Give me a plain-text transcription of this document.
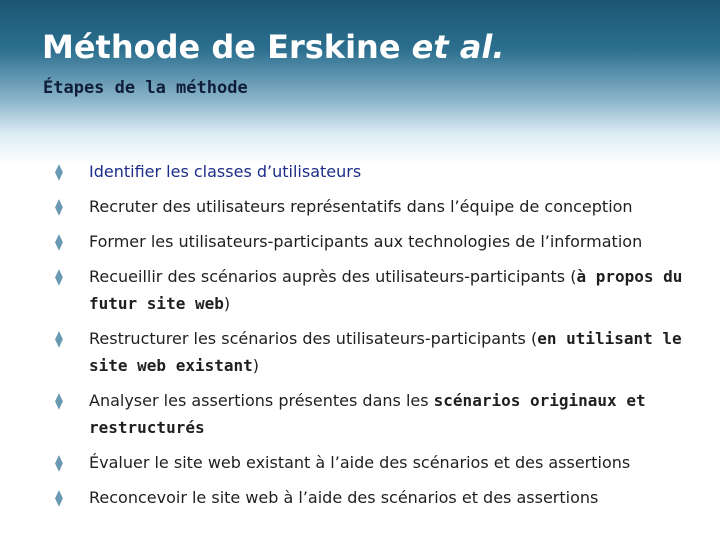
Méthode de Erskine et al.
Étapes de la méthode
⧫	Identifier les classes d’utilisateurs
⧫	Recruter des utilisateurs représentatifs dans l’équipe de conception
⧫	Former les utilisateurs-participants aux technologies de l’information
⧫	Recueillir des scénarios auprès des utilisateurs-participants (à propos du futur site web)
⧫	Restructurer les scénarios des utilisateurs-participants (en utilisant le site web existant)
⧫	Analyser les assertions présentes dans les scénarios originaux et restructurés
⧫	Évaluer le site web existant à l’aide des scénarios et des assertions
⧫	Reconcevoir le site web à l’aide des scénarios et des assertions
